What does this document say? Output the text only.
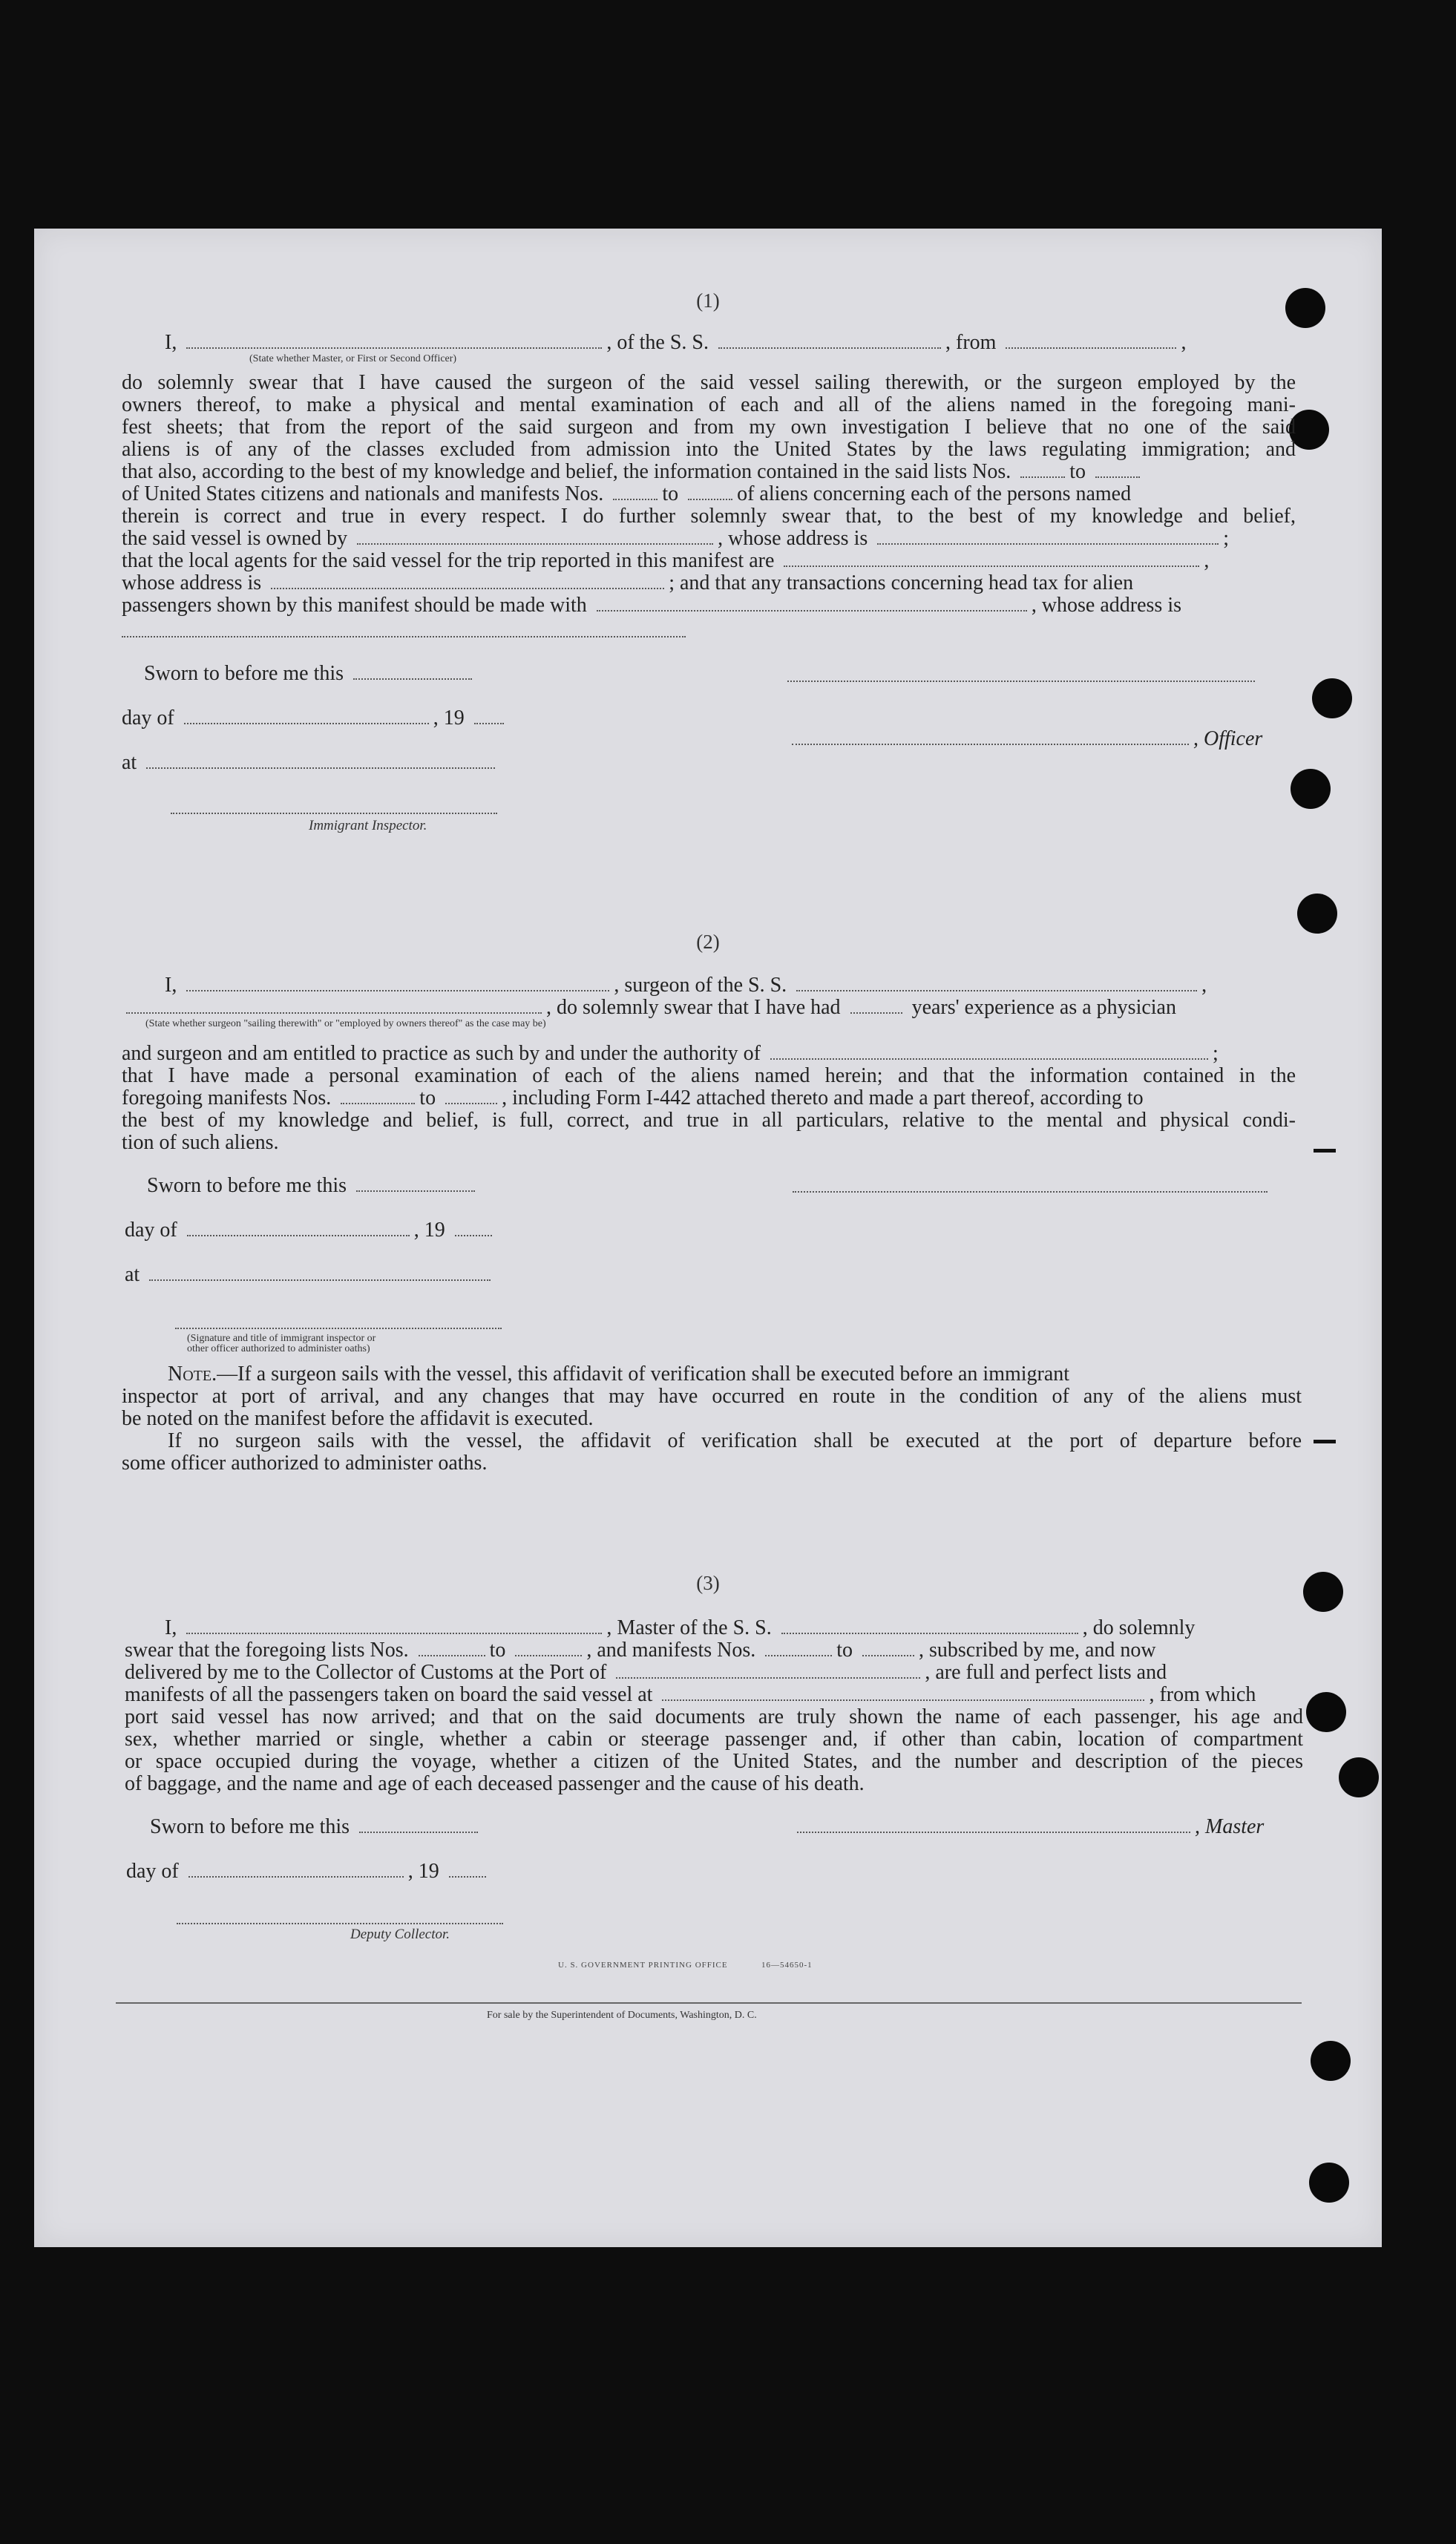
(1)
I,	, of the S. S.	, from	,
(State whether Master, or First or Second Officer)
do solemnly swear that I have caused the surgeon of the said vessel sailing therewith, or the surgeon employed by the
owners thereof, to make a physical and mental examination of each and all of the aliens named in the foregoing mani-
fest sheets; that from the report of the said surgeon and from my own investigation I believe that no one of the said
aliens is of any of the classes excluded from admission into the United States by the laws regulating immigration; and
that also, according to the best of my knowledge and belief, the information contained in the said lists Nos.	to
of United States citizens and nationals and manifests Nos.	to	of aliens concerning each of the persons named
therein is correct and true in every respect. I do further solemnly swear that, to the best of my knowledge and belief,
the said vessel is owned by	, whose address is	;
that the local agents for the said vessel for the trip reported in this manifest are	,
whose address is	; and that any transactions concerning head tax for alien
passengers shown by this manifest should be made with	, whose address is
Sworn to before me this
day of	, 19
at
, Officer
Immigrant Inspector.
(2)
I,	, surgeon of the S. S.	,
, do solemnly swear that I have had	years' experience as a physician
(State whether surgeon "sailing therewith" or "employed by owners thereof" as the case may be)
and surgeon and am entitled to practice as such by and under the authority of	;
that I have made a personal examination of each of the aliens named herein; and that the information contained in the
foregoing manifests Nos.	to	, including Form I-442 attached thereto and made a part thereof, according to
the best of my knowledge and belief, is full, correct, and true in all particulars, relative to the mental and physical condi-
tion of such aliens.
Sworn to before me this
day of	, 19
at
(Signature and title of immigrant inspector or
other officer authorized to administer oaths)
Note.—If a surgeon sails with the vessel, this affidavit of verification shall be executed before an immigrant
inspector at port of arrival, and any changes that may have occurred en route in the condition of any of the aliens must
be noted on the manifest before the affidavit is executed.
If no surgeon sails with the vessel, the affidavit of verification shall be executed at the port of departure before
some officer authorized to administer oaths.
(3)
I,	, Master of the S. S.	, do solemnly
swear that the foregoing lists Nos.	to	, and manifests Nos.	to	, subscribed by me, and now
delivered by me to the Collector of Customs at the Port of	, are full and perfect lists and
manifests of all the passengers taken on board the said vessel at	, from which
port said vessel has now arrived; and that on the said documents are truly shown the name of each passenger, his age and
sex, whether married or single, whether a cabin or steerage passenger and, if other than cabin, location of compartment
or space occupied during the voyage, whether a citizen of the United States, and the number and description of the pieces
of baggage, and the name and age of each deceased passenger and the cause of his death.
Sworn to before me this	, Master
day of	, 19
Deputy Collector.
U. S. GOVERNMENT PRINTING OFFICE	16—54650-1
For sale by the Superintendent of Documents, Washington, D. C.
